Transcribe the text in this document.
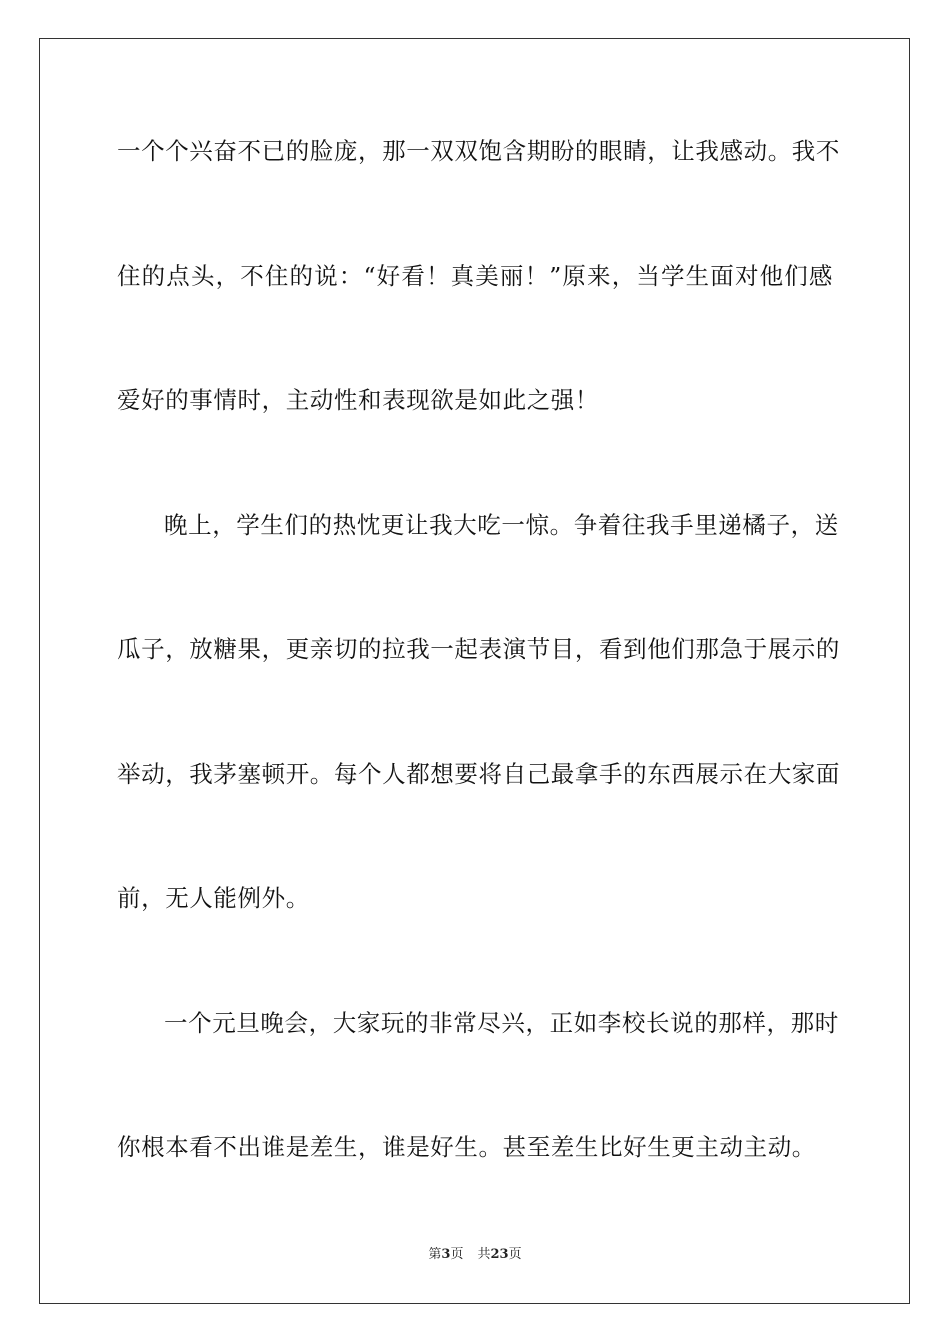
一个个兴奋不已的脸庞，那一双双饱含期盼的眼睛，让我感动。我不
住的点头，不住的说：“好看！真美丽！”原来，当学生面对他们感
爱好的事情时，主动性和表现欲是如此之强！
晚上，学生们的热忱更让我大吃一惊。争着往我手里递橘子，送
瓜子，放糖果，更亲切的拉我一起表演节目，看到他们那急于展示的
举动，我茅塞顿开。每个人都想要将自己最拿手的东西展示在大家面
前，无人能例外。
一个元旦晚会，大家玩的非常尽兴，正如李校长说的那样，那时
你根本看不出谁是差生，谁是好生。甚至差生比好生更主动主动。
第3页 共23页
